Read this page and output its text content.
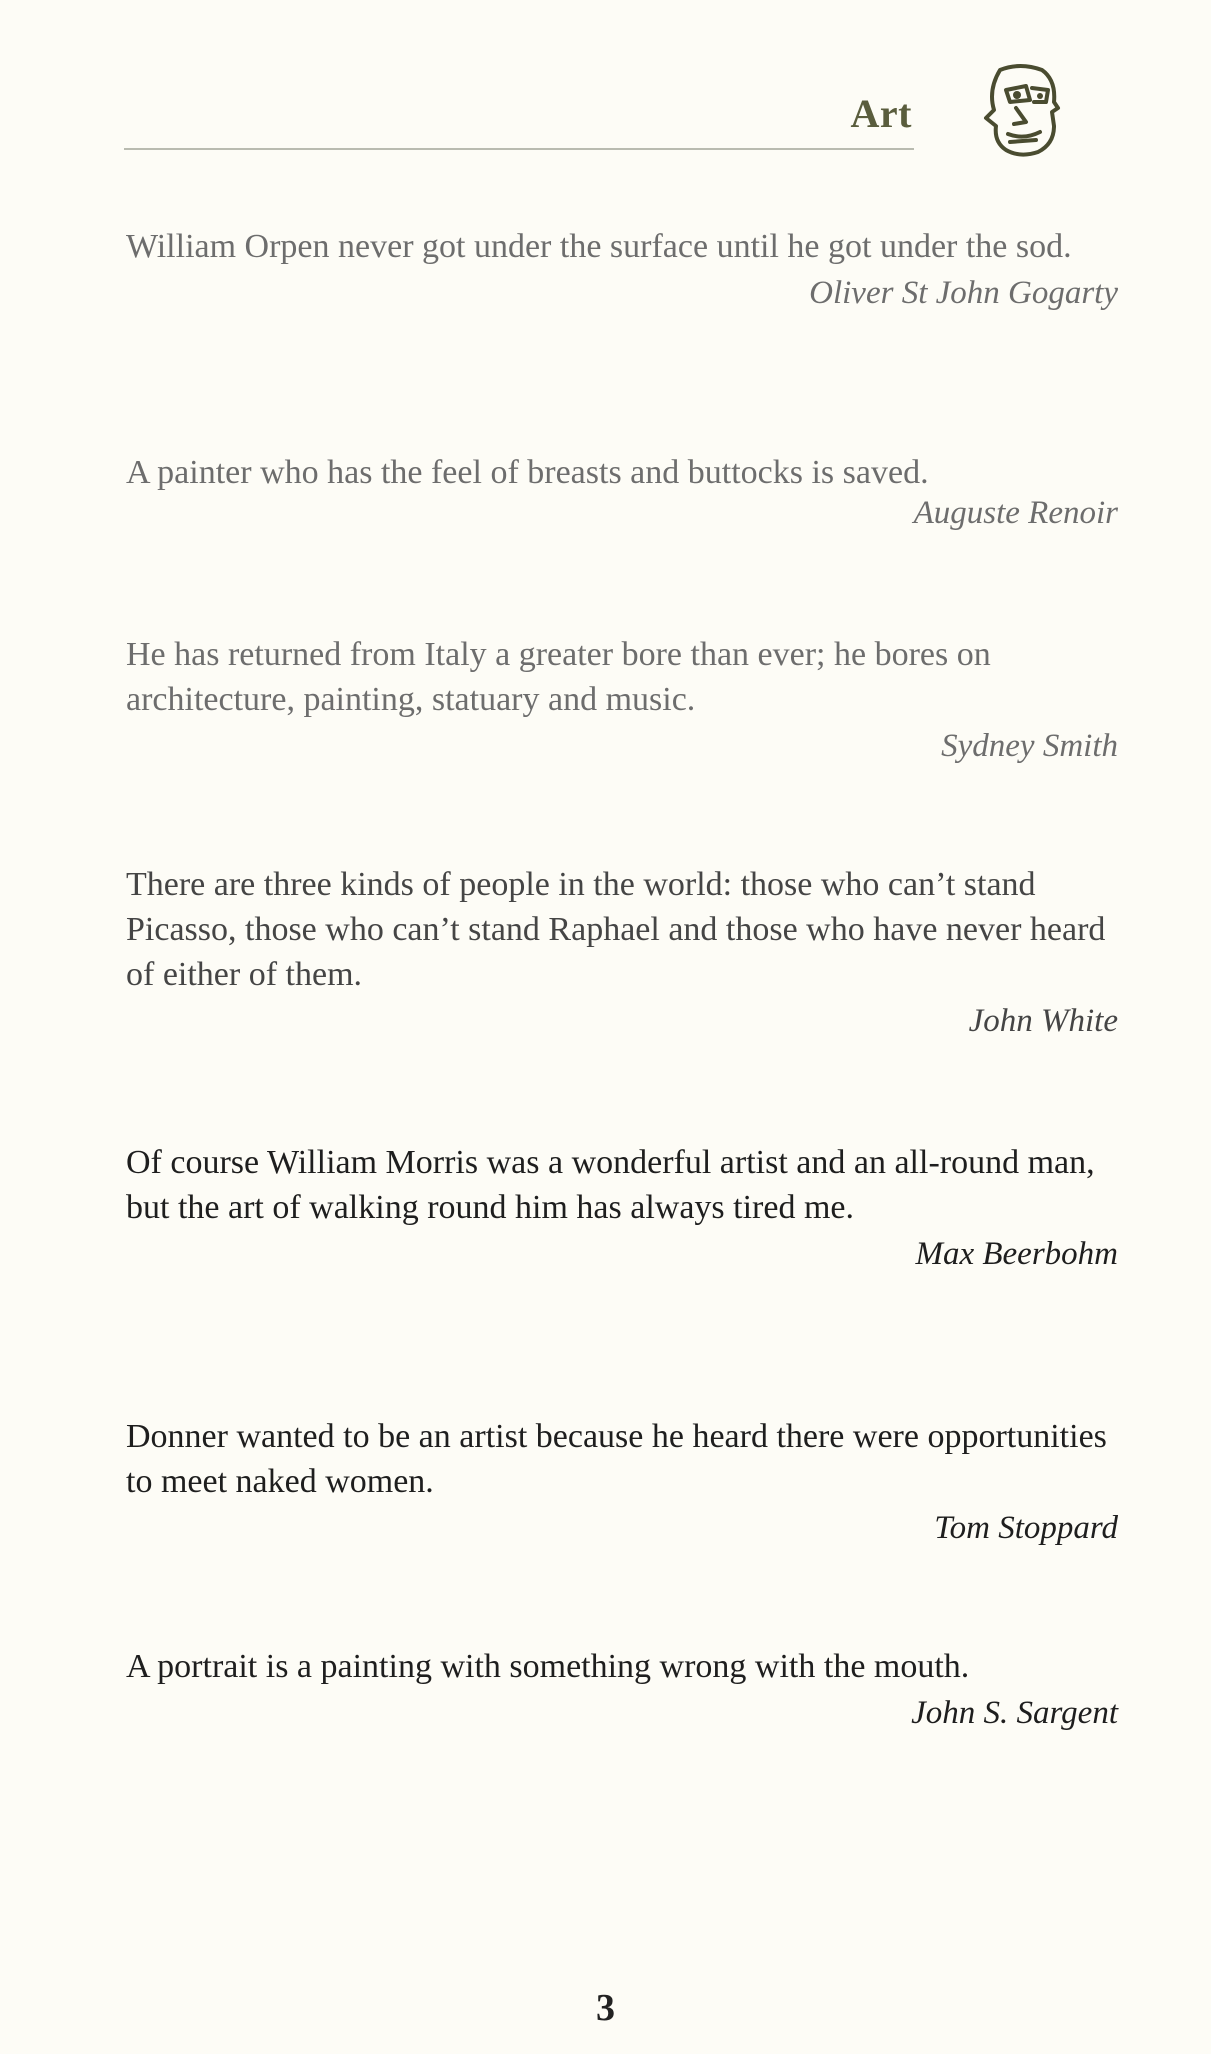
Art

William Orpen never got under the surface until he got under the sod.

Oliver St John Gogarty

A painter who has the feel of breasts and buttocks is saved.

Auguste Renoir

He has returned from Italy a greater bore than ever; he bores on architecture, painting, statuary and music.

Sydney Smith

There are three kinds of people in the world: those who can’t stand Picasso, those who can’t stand Raphael and those who have never heard of either of them.

John White

Of course William Morris was a wonderful artist and an all-round man, but the art of walking round him has always tired me.

Max Beerbohm

Donner wanted to be an artist because he heard there were opportunities to meet naked women.

Tom Stoppard

A portrait is a painting with something wrong with the mouth.

John S. Sargent

3
